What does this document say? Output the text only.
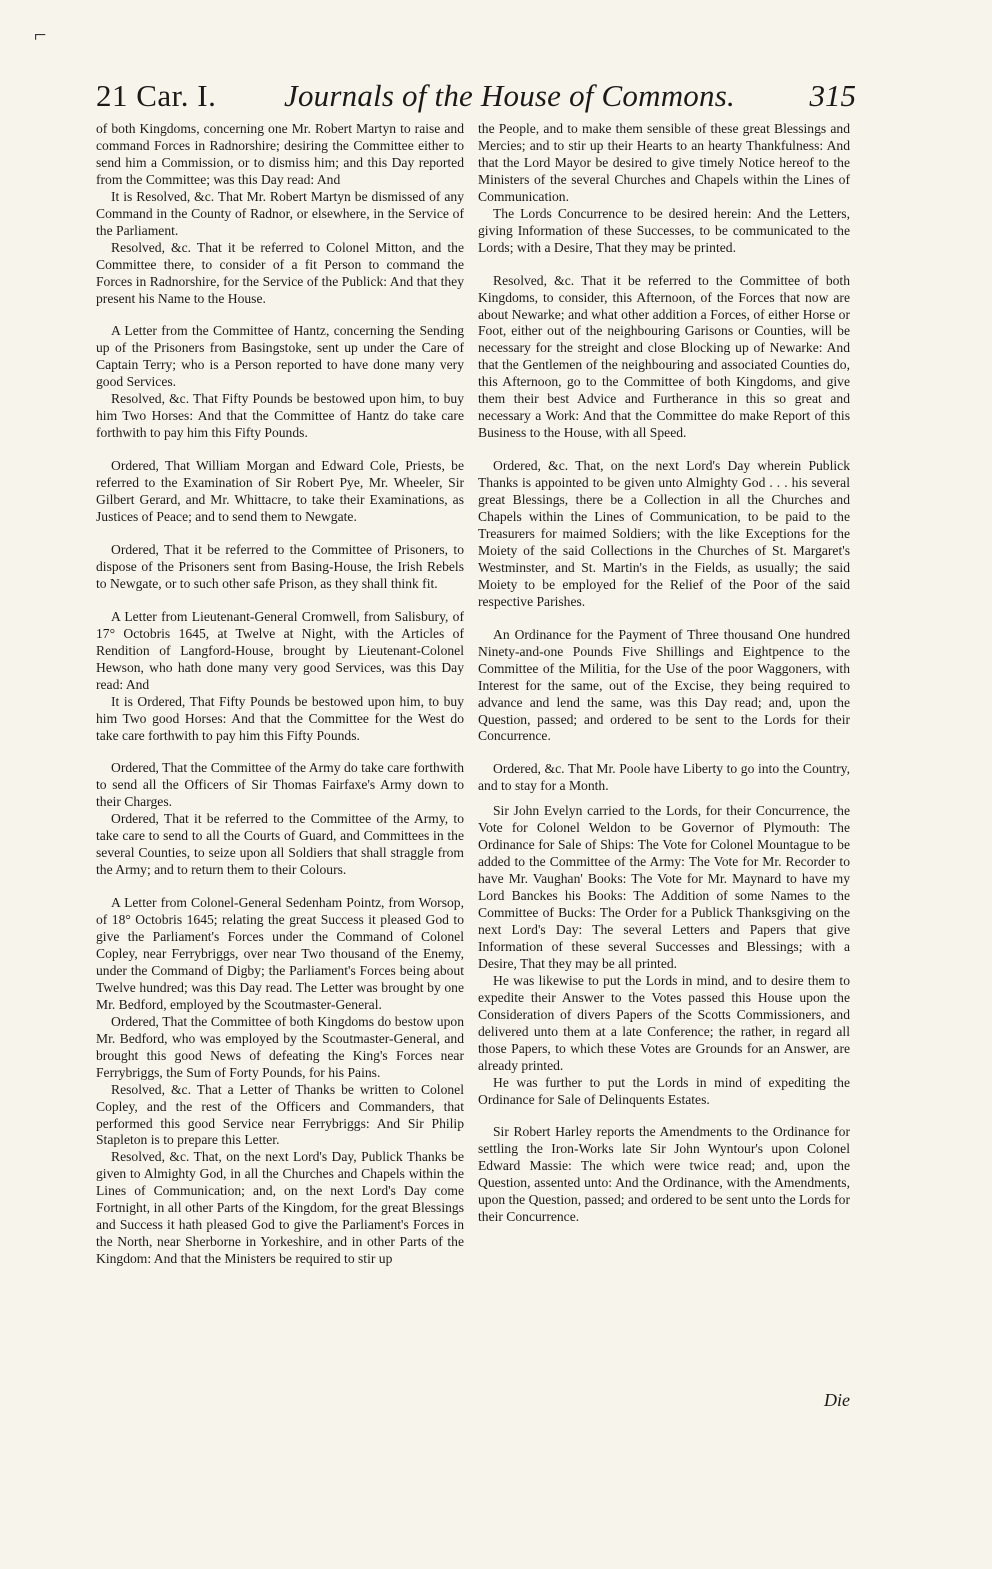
⌐
21 Car. I. Journals of the House of Commons. 315

of both Kingdoms, concerning one Mr. Robert Martyn to raise and command Forces in Radnorshire; desiring the Committee either to send him a Commission, or to dismiss him; and this Day reported from the Committee; was this Day read: And

It is Resolved, &c. That Mr. Robert Martyn be dismissed of any Command in the County of Radnor, or elsewhere, in the Service of the Parliament.

Resolved, &c. That it be referred to Colonel Mitton, and the Committee there, to consider of a fit Person to command the Forces in Radnorshire, for the Service of the Publick: And that they present his Name to the House.

A Letter from the Committee of Hantz, concerning the Sending up of the Prisoners from Basingstoke, sent up under the Care of Captain Terry; who is a Person reported to have done many very good Services.

Resolved, &c. That Fifty Pounds be bestowed upon him, to buy him Two Horses: And that the Committee of Hantz do take care forthwith to pay him this Fifty Pounds.

Ordered, That William Morgan and Edward Cole, Priests, be referred to the Examination of Sir Robert Pye, Mr. Wheeler, Sir Gilbert Gerard, and Mr. Whittacre, to take their Examinations, as Justices of Peace; and to send them to Newgate.

Ordered, That it be referred to the Committee of Prisoners, to dispose of the Prisoners sent from Basing-House, the Irish Rebels to Newgate, or to such other safe Prison, as they shall think fit.

A Letter from Lieutenant-General Cromwell, from Salisbury, of 17° Octobris 1645, at Twelve at Night, with the Articles of Rendition of Langford-House, brought by Lieutenant-Colonel Hewson, who hath done many very good Services, was this Day read: And

It is Ordered, That Fifty Pounds be bestowed upon him, to buy him Two good Horses: And that the Committee for the West do take care forthwith to pay him this Fifty Pounds.

Ordered, That the Committee of the Army do take care forthwith to send all the Officers of Sir Thomas Fairfaxe's Army down to their Charges.

Ordered, That it be referred to the Committee of the Army, to take care to send to all the Courts of Guard, and Committees in the several Counties, to seize upon all Soldiers that shall straggle from the Army; and to return them to their Colours.

A Letter from Colonel-General Sedenham Pointz, from Worsop, of 18° Octobris 1645; relating the great Success it pleased God to give the Parliament's Forces under the Command of Colonel Copley, near Ferrybriggs, over near Two thousand of the Enemy, under the Command of Digby; the Parliament's Forces being about Twelve hundred; was this Day read. The Letter was brought by one Mr. Bedford, employed by the Scoutmaster-General.

Ordered, That the Committee of both Kingdoms do bestow upon Mr. Bedford, who was employed by the Scoutmaster-General, and brought this good News of defeating the King's Forces near Ferrybriggs, the Sum of Forty Pounds, for his Pains.

Resolved, &c. That a Letter of Thanks be written to Colonel Copley, and the rest of the Officers and Commanders, that performed this good Service near Ferrybriggs: And Sir Philip Stapleton is to prepare this Letter.

Resolved, &c. That, on the next Lord's Day, Publick Thanks be given to Almighty God, in all the Churches and Chapels within the Lines of Communication; and, on the next Lord's Day come Fortnight, in all other Parts of the Kingdom, for the great Blessings and Success it hath pleased God to give the Parliament's Forces in the North, near Sherborne in Yorkeshire, and in other Parts of the Kingdom: And that the Ministers be required to stir up

the People, and to make them sensible of these great Blessings and Mercies; and to stir up their Hearts to an hearty Thankfulness: And that the Lord Mayor be desired to give timely Notice hereof to the Ministers of the several Churches and Chapels within the Lines of Communication.

The Lords Concurrence to be desired herein: And the Letters, giving Information of these Successes, to be communicated to the Lords; with a Desire, That they may be printed.

Resolved, &c. That it be referred to the Committee of both Kingdoms, to consider, this Afternoon, of the Forces that now are about Newarke; and what other addition a Forces, of either Horse or Foot, either out of the neighbouring Garisons or Counties, will be necessary for the streight and close Blocking up of Newarke: And that the Gentlemen of the neighbouring and associated Counties do, this Afternoon, go to the Committee of both Kingdoms, and give them their best Advice and Furtherance in this so great and necessary a Work: And that the Committee do make Report of this Business to the House, with all Speed.

Ordered, &c. That, on the next Lord's Day wherein Publick Thanks is appointed to be given unto Almighty God . . . his several great Blessings, there be a Collection in all the Churches and Chapels within the Lines of Communication, to be paid to the Treasurers for maimed Soldiers; with the like Exceptions for the Moiety of the said Collections in the Churches of St. Margaret's Westminster, and St. Martin's in the Fields, as usually; the said Moiety to be employed for the Relief of the Poor of the said respective Parishes.

An Ordinance for the Payment of Three thousand One hundred Ninety-and-one Pounds Five Shillings and Eightpence to the Committee of the Militia, for the Use of the poor Waggoners, with Interest for the same, out of the Excise, they being required to advance and lend the same, was this Day read; and, upon the Question, passed; and ordered to be sent to the Lords for their Concurrence.

Ordered, &c. That Mr. Poole have Liberty to go into the Country, and to stay for a Month.

Sir John Evelyn carried to the Lords, for their Concurrence, the Vote for Colonel Weldon to be Governor of Plymouth: The Ordinance for Sale of Ships: The Vote for Colonel Mountague to be added to the Committee of the Army: The Vote for Mr. Recorder to have Mr. Vaughan' Books: The Vote for Mr. Maynard to have my Lord Banckes his Books: The Addition of some Names to the Committee of Bucks: The Order for a Publick Thanksgiving on the next Lord's Day: The several Letters and Papers that give Information of these several Successes and Blessings; with a Desire, That they may be all printed.

He was likewise to put the Lords in mind, and to desire them to expedite their Answer to the Votes passed this House upon the Consideration of divers Papers of the Scotts Commissioners, and delivered unto them at a late Conference; the rather, in regard all those Papers, to which these Votes are Grounds for an Answer, are already printed.

He was further to put the Lords in mind of expediting the Ordinance for Sale of Delinquents Estates.

Sir Robert Harley reports the Amendments to the Ordinance for settling the Iron-Works late Sir John Wyntour's upon Colonel Edward Massie: The which were twice read; and, upon the Question, assented unto: And the Ordinance, with the Amendments, upon the Question, passed; and ordered to be sent unto the Lords for their Concurrence.

Die
